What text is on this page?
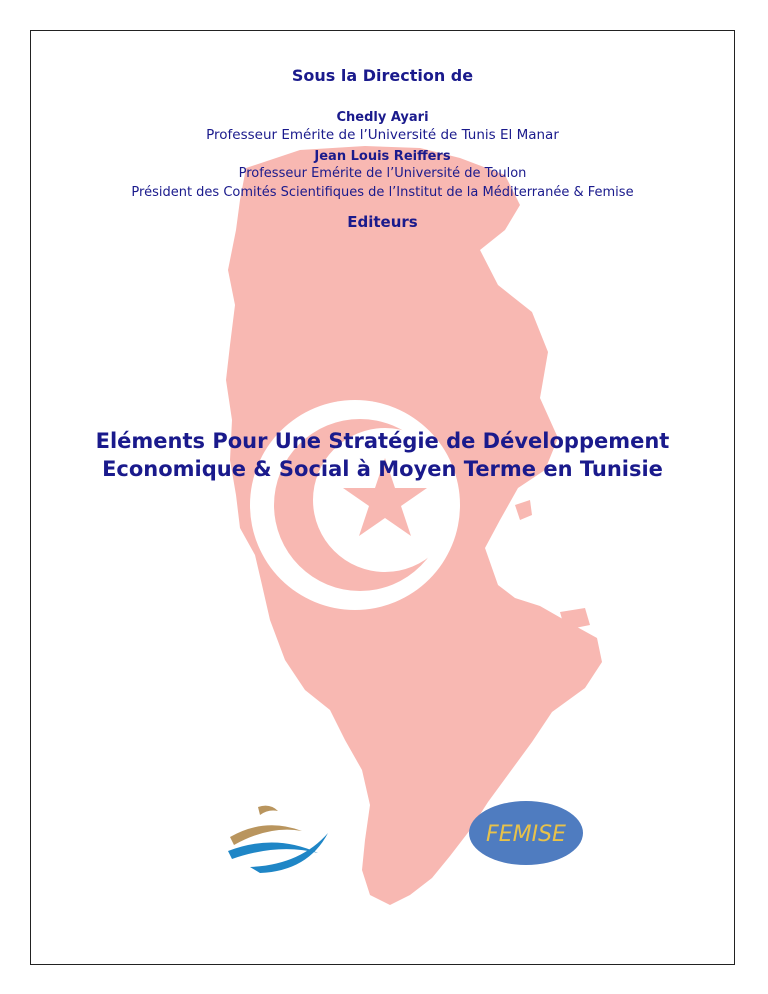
Sous la Direction de

Chedly Ayari

Professeur Emérite de l’Université de Tunis El Manar

Jean Louis Reiffers

Professeur Emérite de l’Université de Toulon

Président des Comités Scientifiques de l’Institut de la Méditerranée & Femise

Editeurs

Eléments Pour Une Stratégie de Développement
Economique & Social à Moyen Terme en Tunisie
FEMISE
